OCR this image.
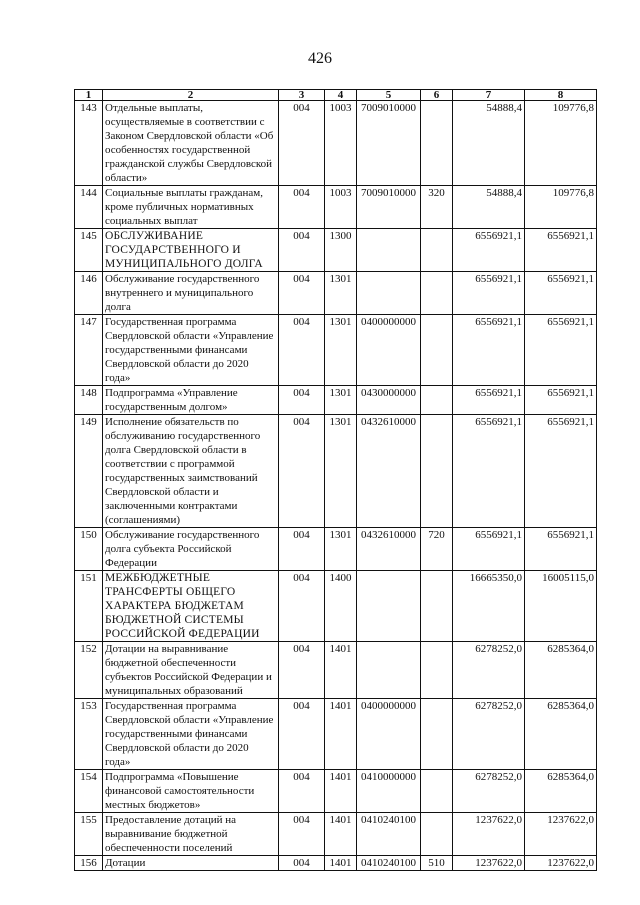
426
1	2	3	4	5	6	7	8
143	Отдельные выплаты, осуществляемые в соответствии с Законом Свердловской области «Об особенностях государственной гражданской службы Свердловской области»	004	1003	7009010000		54888,4	109776,8
144	Социальные выплаты гражданам, кроме публичных нормативных социальных выплат	004	1003	7009010000	320	54888,4	109776,8
145	ОБСЛУЖИВАНИЕ ГОСУДАРСТВЕННОГО И МУНИЦИПАЛЬНОГО ДОЛГА	004	1300			6556921,1	6556921,1
146	Обслуживание государственного внутреннего и муниципального долга	004	1301			6556921,1	6556921,1
147	Государственная программа Свердловской области «Управление государственными финансами Свердловской области до 2020 года»	004	1301	0400000000		6556921,1	6556921,1
148	Подпрограмма «Управление государственным долгом»	004	1301	0430000000		6556921,1	6556921,1
149	Исполнение обязательств по обслуживанию государственного долга Свердловской области в соответствии с программой государственных заимствований Свердловской области и заключенными контрактами (соглашениями)	004	1301	0432610000		6556921,1	6556921,1
150	Обслуживание государственного долга субъекта Российской Федерации	004	1301	0432610000	720	6556921,1	6556921,1
151	МЕЖБЮДЖЕТНЫЕ ТРАНСФЕРТЫ ОБЩЕГО ХАРАКТЕРА БЮДЖЕТАМ БЮДЖЕТНОЙ СИСТЕМЫ РОССИЙСКОЙ ФЕДЕРАЦИИ	004	1400			16665350,0	16005115,0
152	Дотации на выравнивание бюджетной обеспеченности субъектов Российской Федерации и муниципальных образований	004	1401			6278252,0	6285364,0
153	Государственная программа Свердловской области «Управление государственными финансами Свердловской области до 2020 года»	004	1401	0400000000		6278252,0	6285364,0
154	Подпрограмма «Повышение финансовой самостоятельности местных бюджетов»	004	1401	0410000000		6278252,0	6285364,0
155	Предоставление дотаций на выравнивание бюджетной обеспеченности поселений	004	1401	0410240100		1237622,0	1237622,0
156	Дотации	004	1401	0410240100	510	1237622,0	1237622,0
